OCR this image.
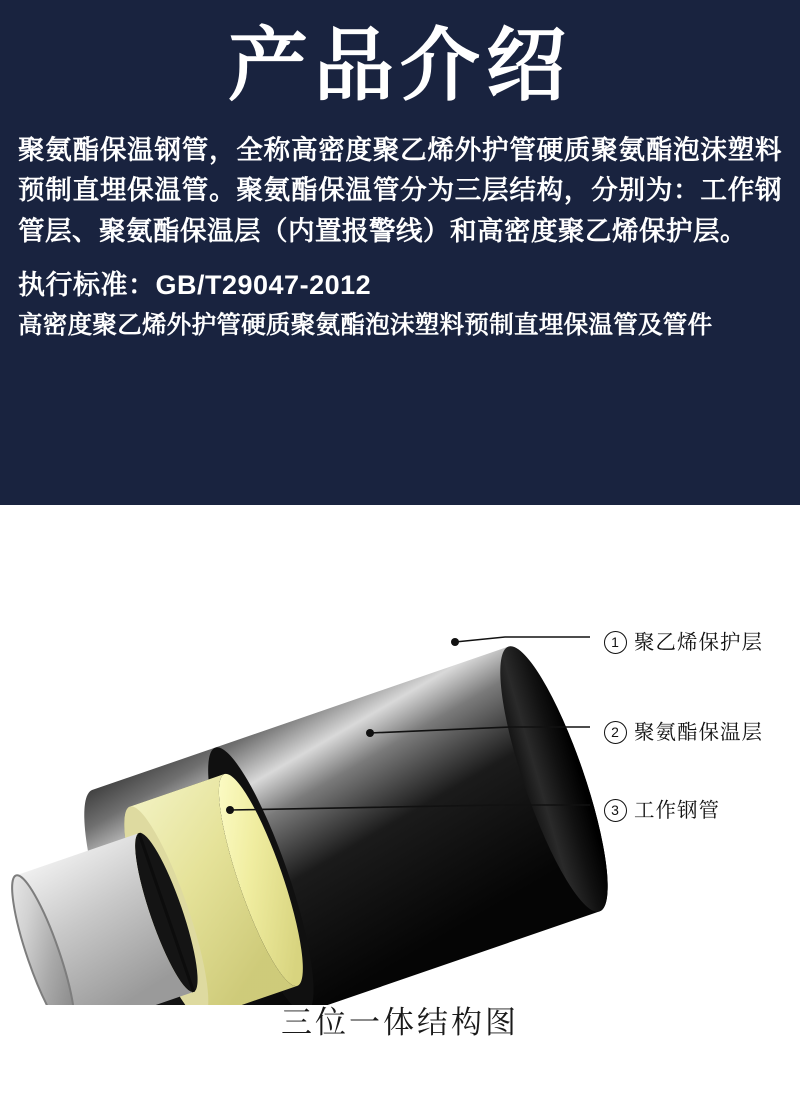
产品介绍
聚氨酯保温钢管，全称高密度聚乙烯外护管硬质聚氨酯泡沫塑料预制直埋保温管。聚氨酯保温管分为三层结构，分别为：工作钢管层、聚氨酯保温层（内置报警线）和高密度聚乙烯保护层。
执行标准：GB/T29047-2012
高密度聚乙烯外护管硬质聚氨酯泡沫塑料预制直埋保温管及管件
1 聚乙烯保护层
2 聚氨酯保温层
3 工作钢管
三位一体结构图
